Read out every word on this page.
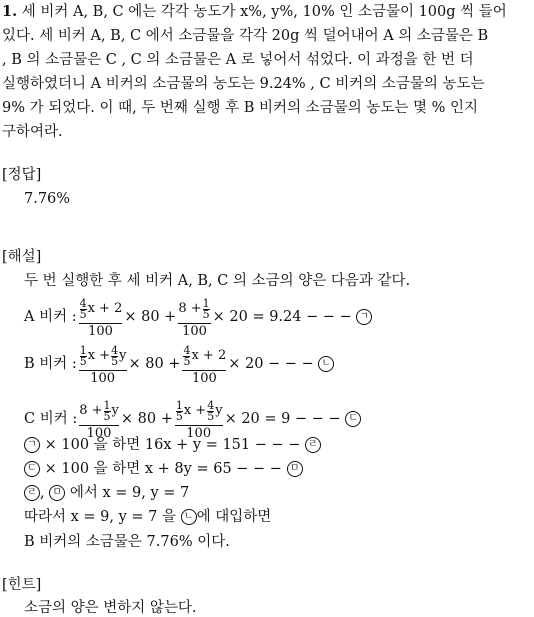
1. 세 비커 A, B, C 에는 각각 농도가 x%, y%, 10% 인 소금물이 100g 씩 들어
있다. 세 비커 A, B, C 에서 소금물을 각각 20g 씩 덜어내어 A 의 소금물은 B
, B 의 소금물은 C , C 의 소금물은 A 로 넣어서 섞었다. 이 과정을 한 번 더
실행하였더니 A 비커의 소금물의 농도는 9.24% , C 비커의 소금물의 농도는
9% 가 되었다. 이 때, 두 번째 실행 후 B 비커의 소금물의 농도는 몇 % 인지
구하여라.
[정답]
7.76%
[해설]
두 번 실행한 후 세 비커 A, B, C 의 소금의 양은 다음과 같다.
A 비커 : 4
5 x + 2
$100 \times 80 + \frac{8 + \frac{1}{5}}{100} \times 20 = 9.24$ − − −
ㄱ
B 비커 : 1
5 $x + \frac{4}{5}$ y
100 × 80 + 4
5 x + 2
100 × 20 − − −
ㄴ
C 비커 : $\frac{8 + \frac{1}{5} y}{100} \times 80 + 1$
5 $x + \frac{4}{5}$ y
100 × 20 = 9 − − −
ㄷ
ㄱ × 100 을 하면 16x + y = 151 − − − ㄹ
ㄷ × 100 을 하면 x + 8y = 65 − − − ㅁ
ㄹ , ㅁ 에서 x = 9, y = 7
따라서 x = 9, y = 7 을 ㄴ 에 대입하면
B 비커의 소금물은 7.76% 이다.
[힌트]
소금의 양은 변하지 않는다.
